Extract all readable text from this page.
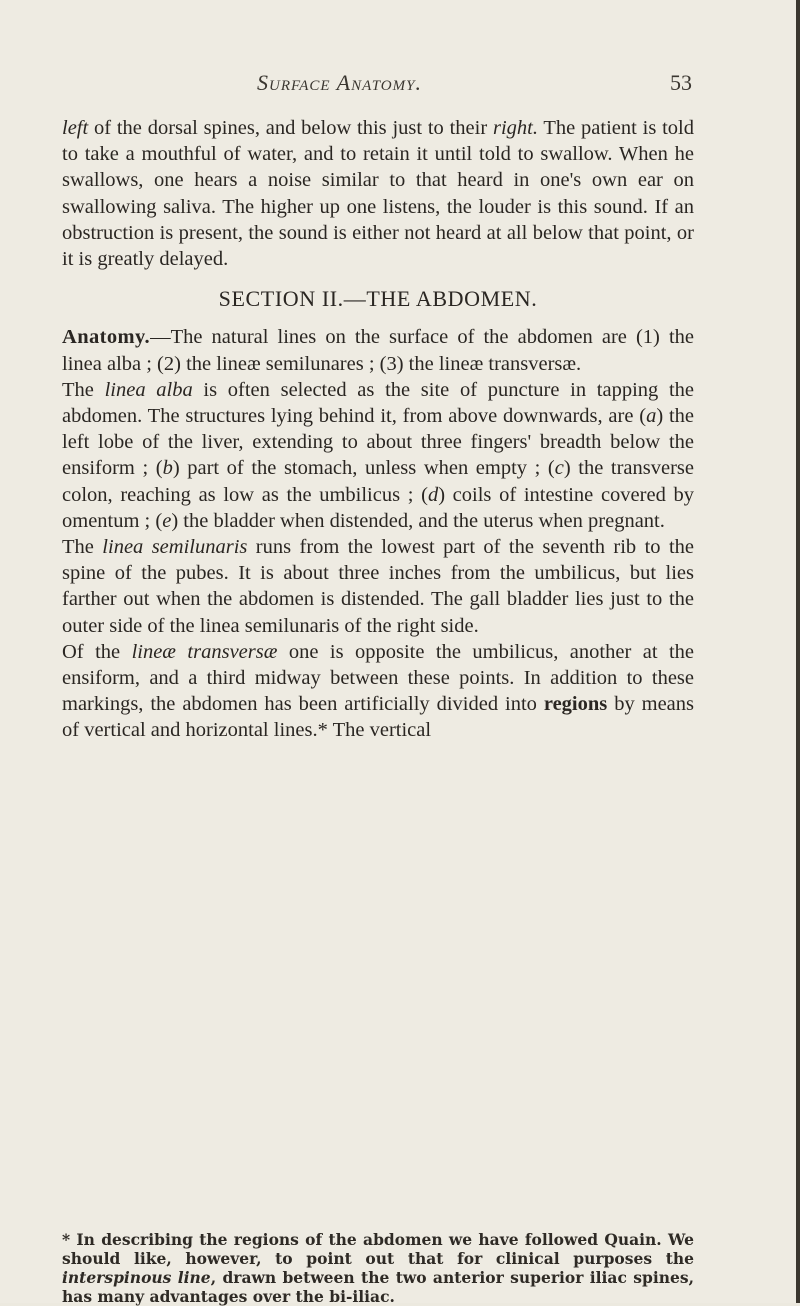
Surface Anatomy.	53

left of the dorsal spines, and below this just to their right. The patient is told to take a mouthful of water, and to retain it until told to swallow. When he swallows, one hears a noise similar to that heard in one's own ear on swallowing saliva. The higher up one listens, the louder is this sound. If an obstruction is present, the sound is either not heard at all below that point, or it is greatly delayed.

SECTION II.—THE ABDOMEN.

Anatomy.—The natural lines on the surface of the abdomen are (1) the linea alba ; (2) the lineæ semilunares ; (3) the lineæ transversæ.

The linea alba is often selected as the site of puncture in tapping the abdomen. The structures lying behind it, from above downwards, are (a) the left lobe of the liver, extending to about three fingers' breadth below the ensiform ; (b) part of the stomach, unless when empty ; (c) the transverse colon, reaching as low as the umbilicus ; (d) coils of intestine covered by omentum ; (e) the bladder when distended, and the uterus when pregnant.

The linea semilunaris runs from the lowest part of the seventh rib to the spine of the pubes. It is about three inches from the umbilicus, but lies farther out when the abdomen is distended. The gall bladder lies just to the outer side of the linea semilunaris of the right side.

Of the lineæ transversæ one is opposite the umbilicus, another at the ensiform, and a third midway between these points. In addition to these markings, the abdomen has been artificially divided into regions by means of vertical and horizontal lines.* The vertical

* In describing the regions of the abdomen we have followed Quain. We should like, however, to point out that for clinical purposes the interspinous line, drawn between the two anterior superior iliac spines, has many advantages over the bi-iliac.
